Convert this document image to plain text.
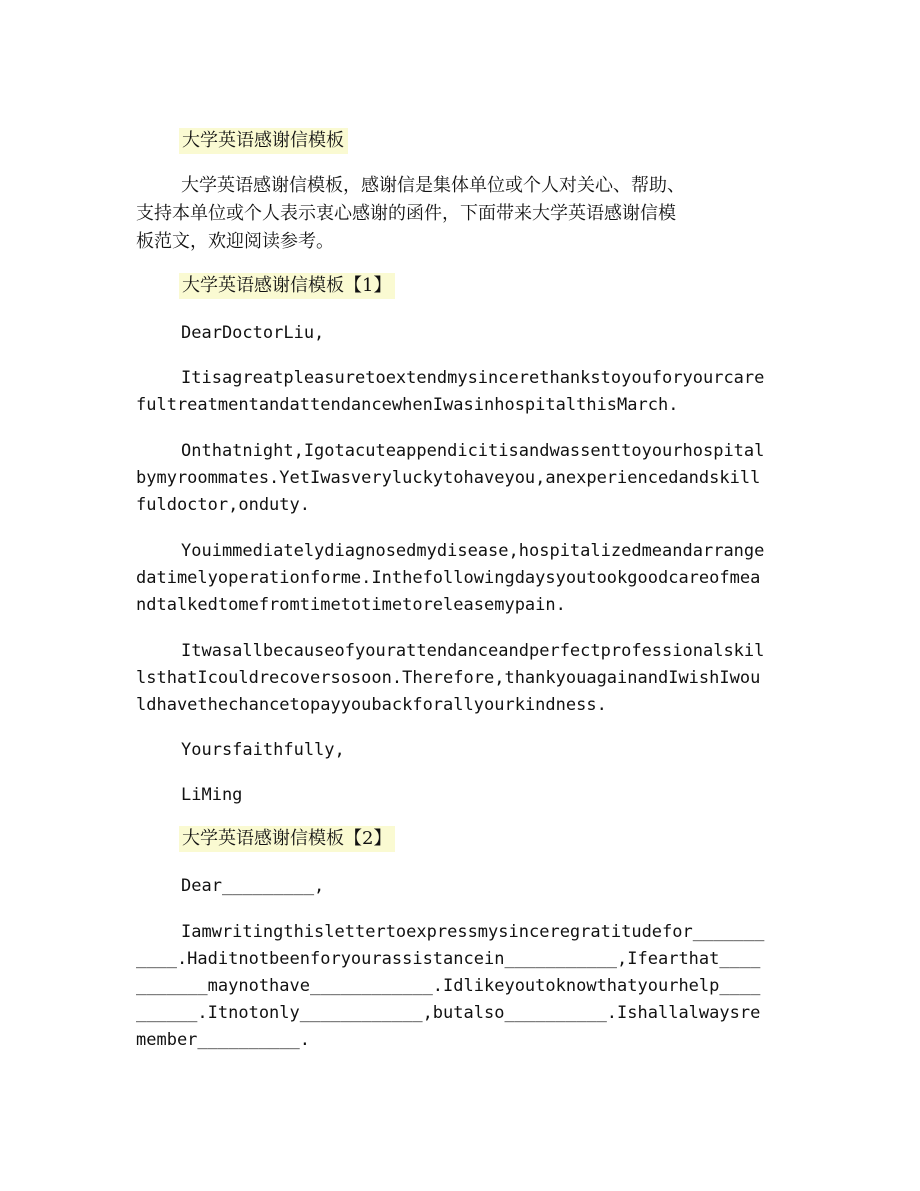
大学英语感谢信模板
大学英语感谢信模板，感谢信是集体单位或个人对关心、帮助、
支持本单位或个人表示衷心感谢的函件，下面带来大学英语感谢信模
板范文，欢迎阅读参考。
大学英语感谢信模板【1】
DearDoctorLiu,
Itisagreatpleasuretoextendmysincerethankstoyouforyourcare
fultreatmentandattendancewhenIwasinhospitalthisMarch.
Onthatnight,Igotacuteappendicitisandwassenttoyourhospital
bymyroommates.YetIwasveryluckytohaveyou,anexperiencedandskill
fuldoctor,onduty.
Youimmediatelydiagnosedmydisease,hospitalizedmeandarrange
datimelyoperationforme.Inthefollowingdaysyoutookgoodcareofmea
ndtalkedtomefromtimetotimetoreleasemypain.
Itwasallbecauseofyourattendanceandperfectprofessionalskil
lsthatIcouldrecoversosoon.Therefore,thankyouagainandIwishIwou
ldhavethechancetopayyoubackforallyourkindness.
Yoursfaithfully,
LiMing
大学英语感谢信模板【2】
Dear_________,
Iamwritingthislettertoexpressmysinceregratitudefor_______
____.Haditnotbeenforyourassistancein___________,Ifearthat____
_______maynothave____________.Idlikeyoutoknowthatyourhelp____
______.Itnotonly____________,butalso__________.Ishallalwaysre
member__________.
